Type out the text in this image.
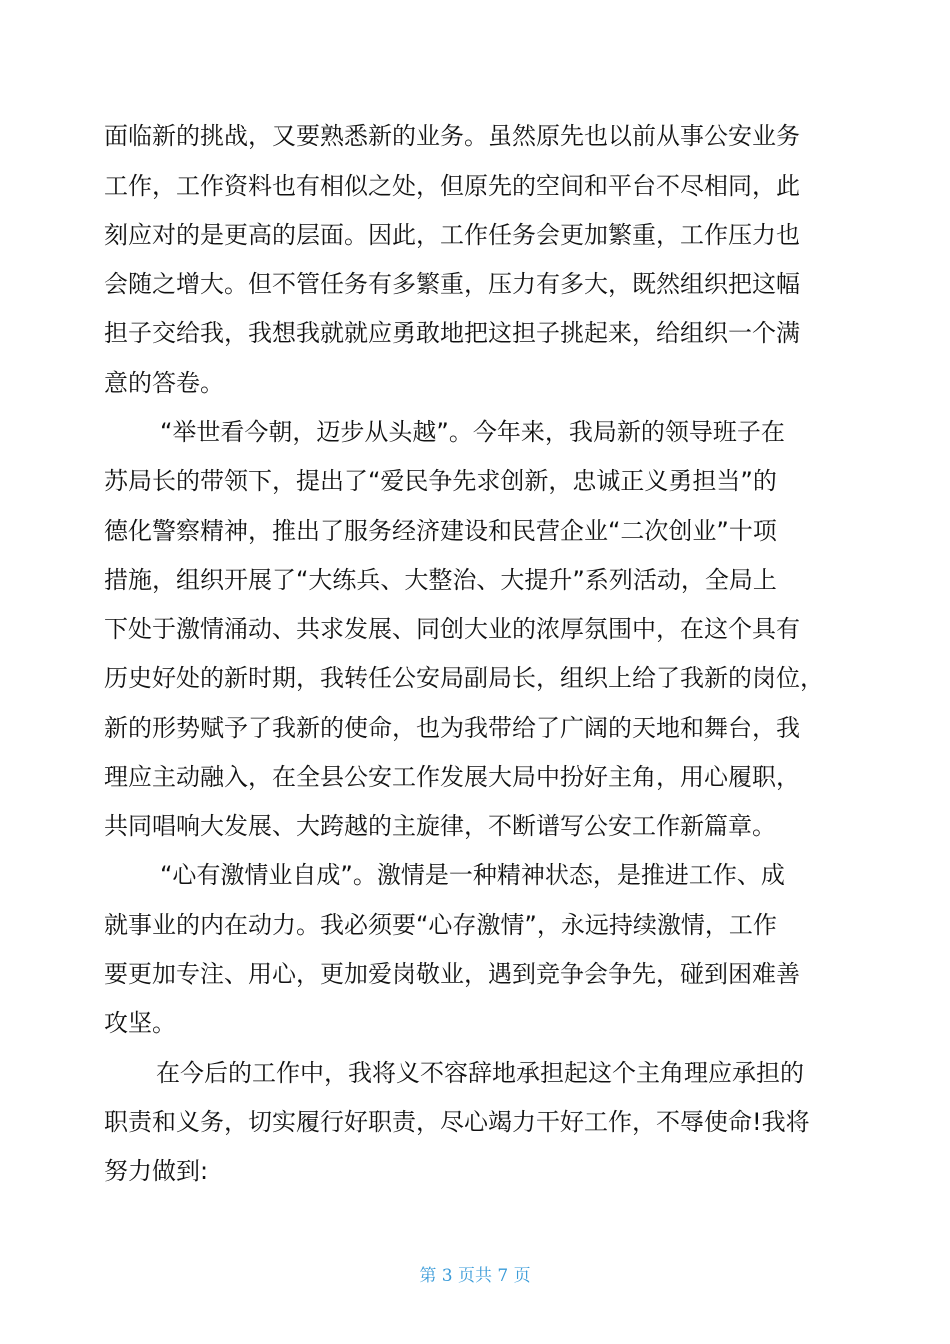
面临新的挑战，又要熟悉新的业务。虽然原先也以前从事公安业务
工作，工作资料也有相似之处，但原先的空间和平台不尽相同，此
刻应对的是更高的层面。因此，工作任务会更加繁重，工作压力也
会随之增大。但不管任务有多繁重，压力有多大，既然组织把这幅
担子交给我，我想我就就应勇敢地把这担子挑起来，给组织一个满
意的答卷。
“举世看今朝，迈步从头越”。今年来，我局新的领导班子在
苏局长的带领下，提出了“爱民争先求创新，忠诚正义勇担当”的
德化警察精神，推出了服务经济建设和民营企业“二次创业”十项
措施，组织开展了“大练兵、大整治、大提升”系列活动，全局上
下处于激情涌动、共求发展、同创大业的浓厚氛围中，在这个具有
历史好处的新时期，我转任公安局副局长，组织上给了我新的岗位，
新的形势赋予了我新的使命，也为我带给了广阔的天地和舞台，我
理应主动融入，在全县公安工作发展大局中扮好主角，用心履职，
共同唱响大发展、大跨越的主旋律，不断谱写公安工作新篇章。
“心有激情业自成”。激情是一种精神状态，是推进工作、成
就事业的内在动力。我必须要“心存激情”，永远持续激情，工作
要更加专注、用心，更加爱岗敬业，遇到竞争会争先，碰到困难善
攻坚。
在今后的工作中，我将义不容辞地承担起这个主角理应承担的
职责和义务，切实履行好职责，尽心竭力干好工作，不辱使命!我将
努力做到:
第 3 页共 7 页
